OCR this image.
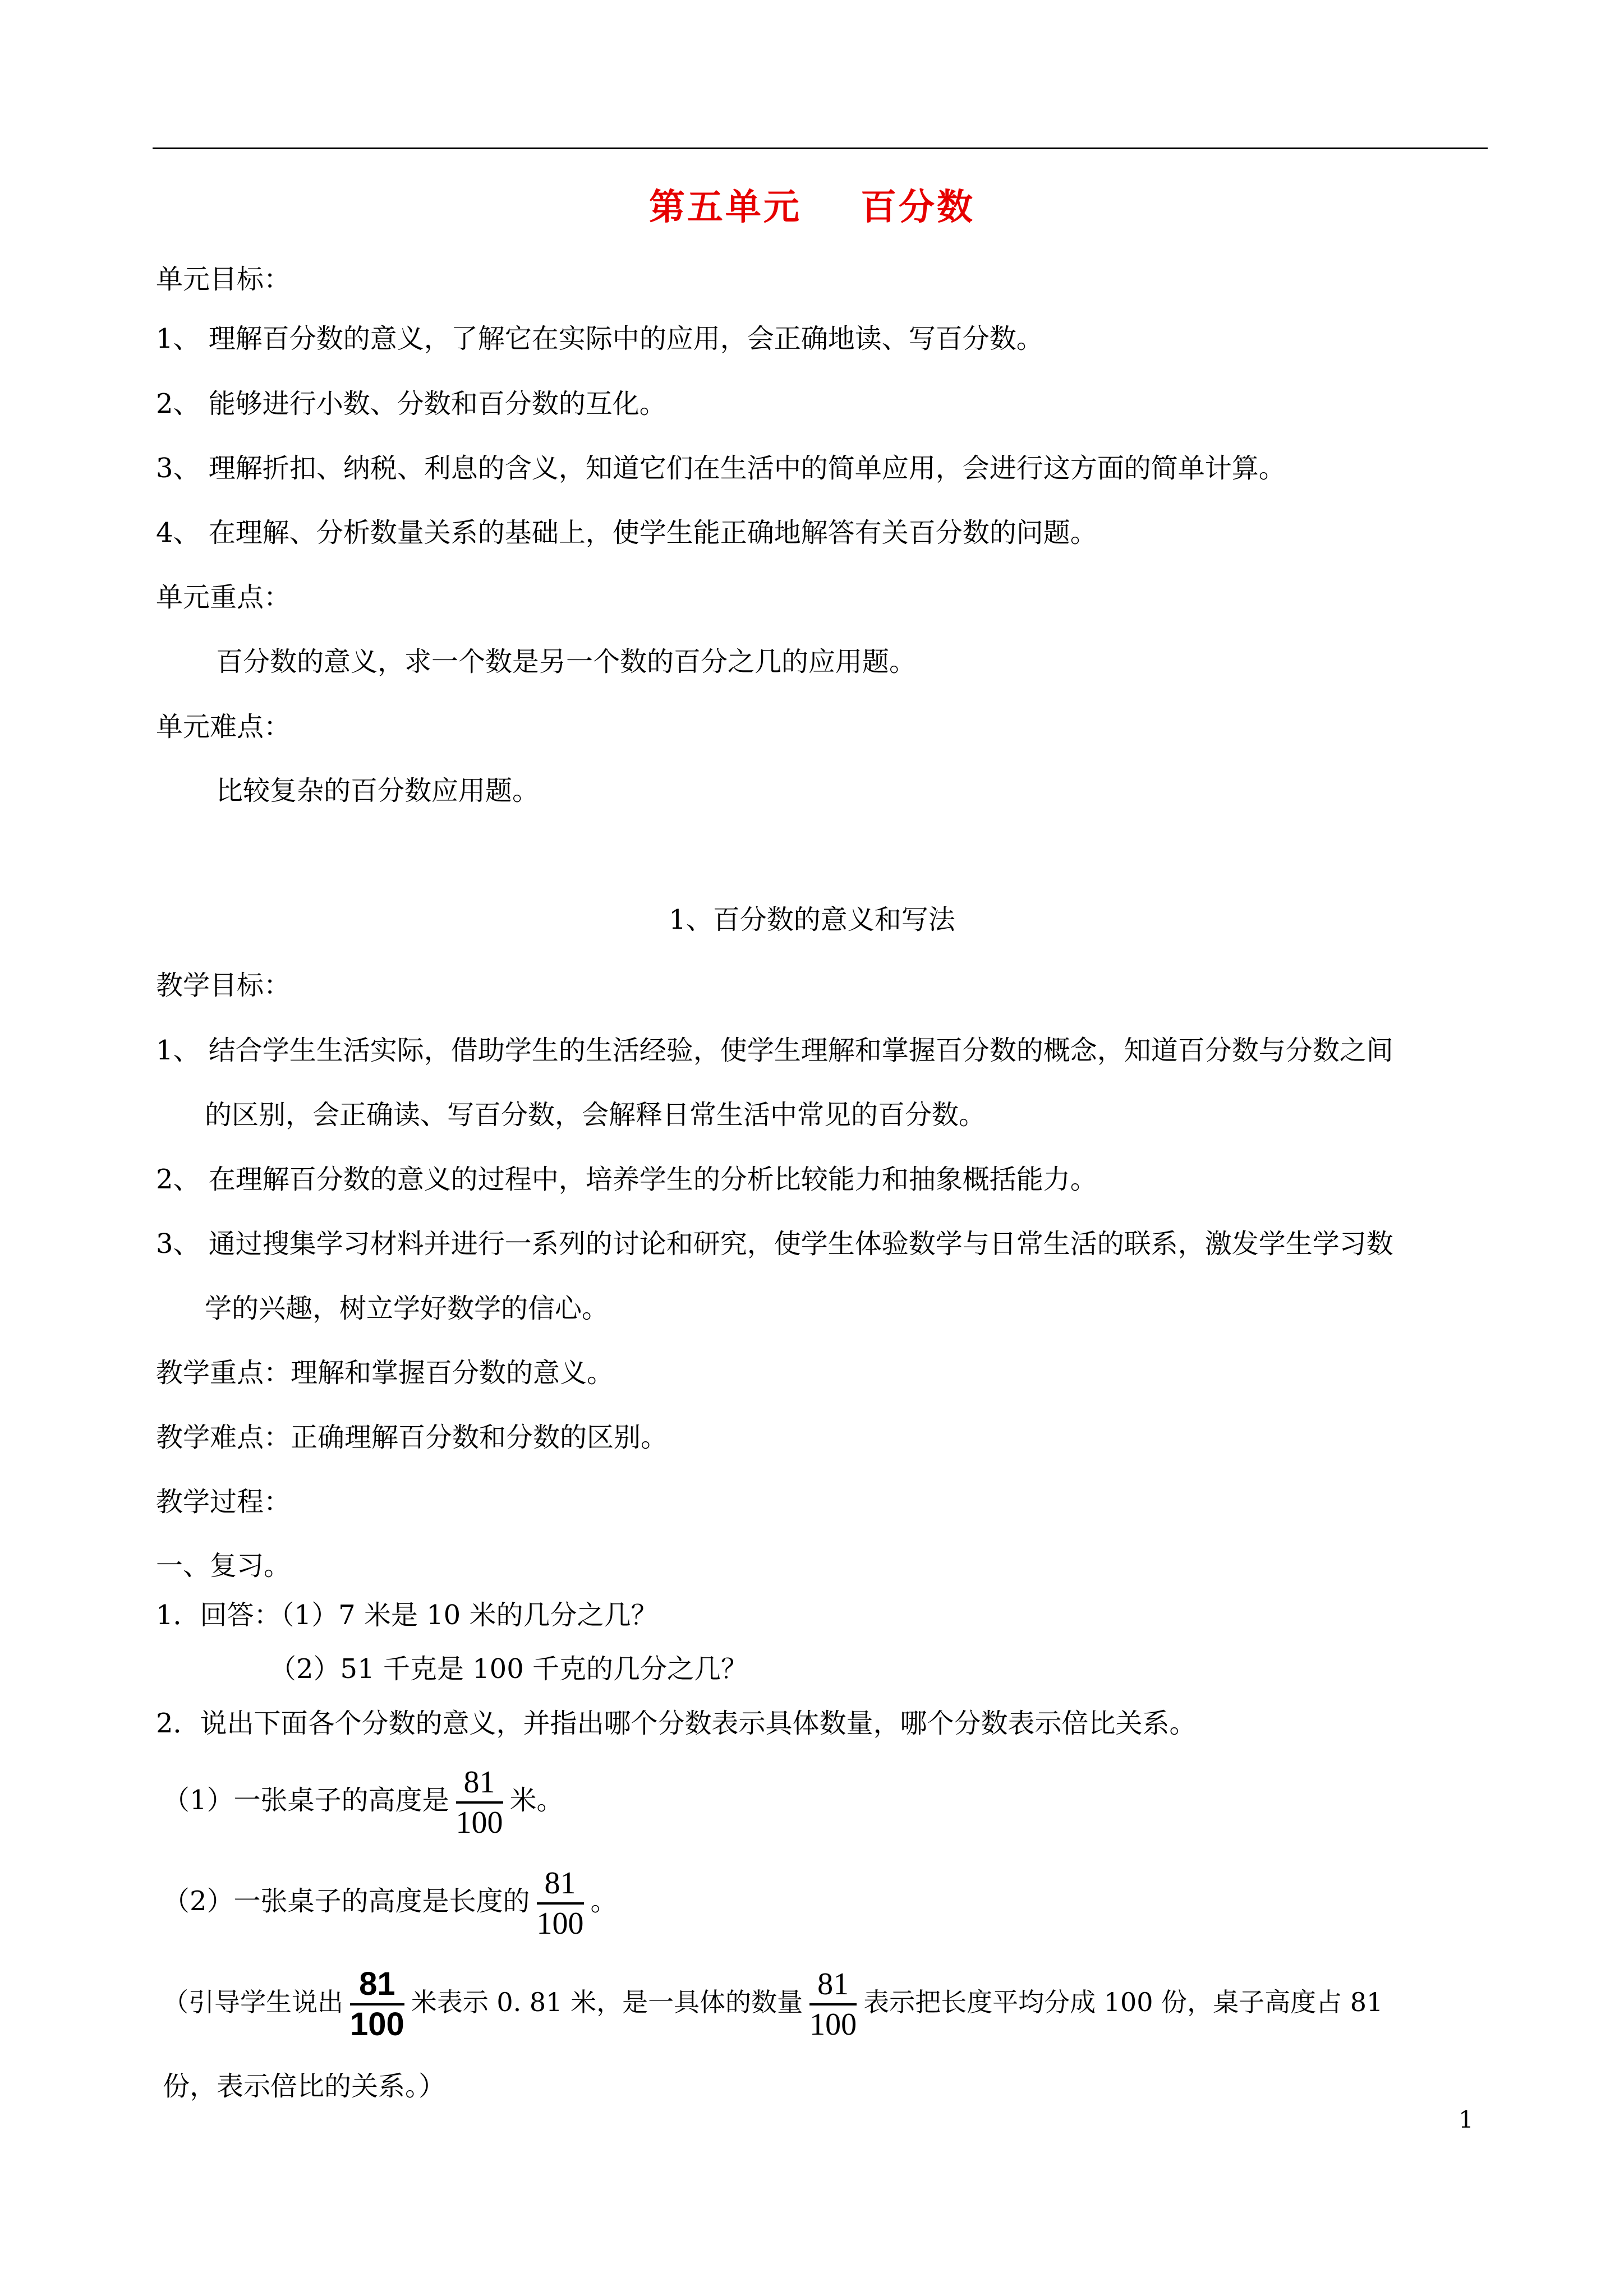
第五单元    百分数
单元目标：
1、 理解百分数的意义，了解它在实际中的应用，会正确地读、写百分数。
2、 能够进行小数、分数和百分数的互化。
3、 理解折扣、纳税、利息的含义，知道它们在生活中的简单应用，会进行这方面的简单计算。
4、 在理解、分析数量关系的基础上，使学生能正确地解答有关百分数的问题。
单元重点：
百分数的意义，求一个数是另一个数的百分之几的应用题。
单元难点：
比较复杂的百分数应用题。
1、百分数的意义和写法
教学目标：
1、 结合学生生活实际，借助学生的生活经验，使学生理解和掌握百分数的概念，知道百分数与分数之间
的区别，会正确读、写百分数，会解释日常生活中常见的百分数。
2、 在理解百分数的意义的过程中，培养学生的分析比较能力和抽象概括能力。
3、 通过搜集学习材料并进行一系列的讨论和研究，使学生体验数学与日常生活的联系，激发学生学习数
学的兴趣，树立学好数学的信心。
教学重点：理解和掌握百分数的意义。
教学难点：正确理解百分数和分数的区别。
教学过程：
一、复习。
1．回答：（1）7 米是 10 米的几分之几？
（2）51 千克是 100 千克的几分之几？
2．说出下面各个分数的意义，并指出哪个分数表示具体数量，哪个分数表示倍比关系。
（1）一张桌子的高度是 $\frac{81}{100}$ 米。
（2）一张桌子的高度是长度的 $\frac{81}{100}$ 。
（引导学生说出 $\frac{81}{100}$ 米表示 0. 81 米，是一具体的数量 $\frac{81}{100}$ 表示把长度平均分成 100 份，桌子高度占 81
份，表示倍比的关系。）
1
